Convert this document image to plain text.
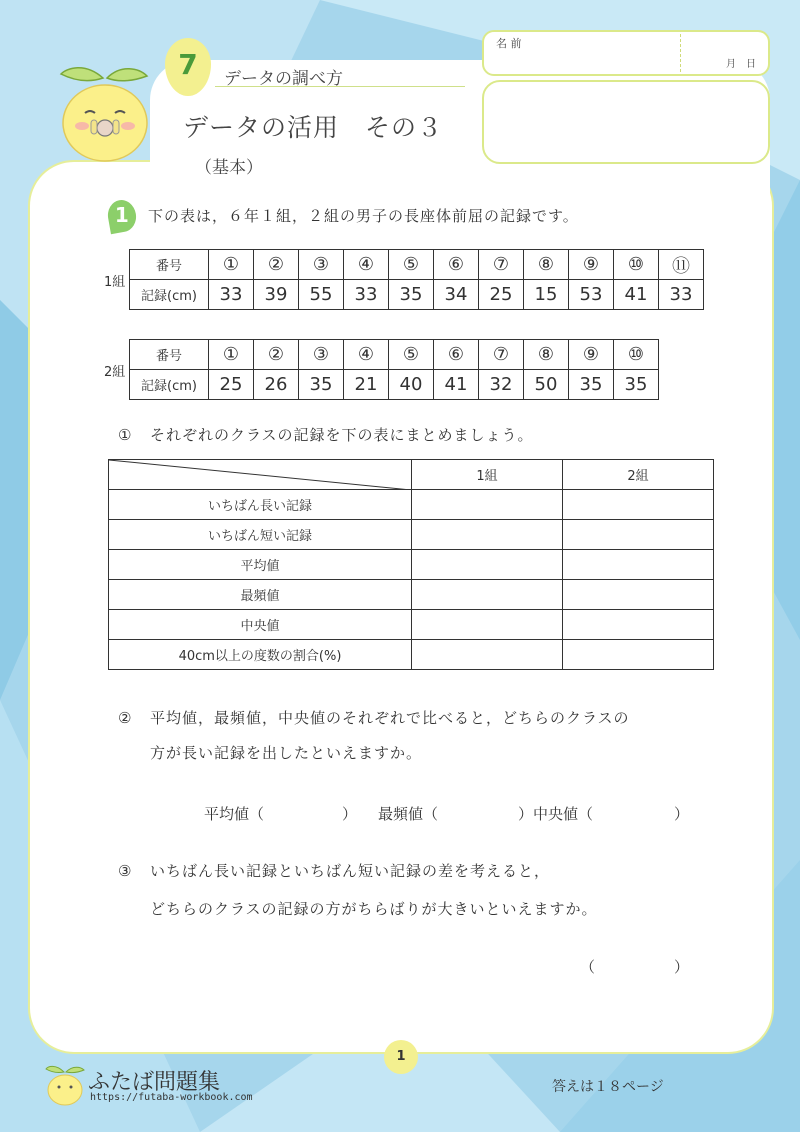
7	データの調べ方
データの活用　その３
（基本）
名 前
月　日
1	下の表は，６年１組，２組の男子の長座体前屈の記録です。
1組
番号	①	②	③	④	⑤	⑥	⑦	⑧	⑨	⑩	⑪
記録(cm)	33	39	55	33	35	34	25	15	53	41	33
2組
番号	①	②	③	④	⑤	⑥	⑦	⑧	⑨	⑩
記録(cm)	25	26	35	21	40	41	32	50	35	35
① それぞれのクラスの記録を下の表にまとめましょう。
	1組	2組
いちばん長い記録		
いちばん短い記録		
平均値		
最頻値		
中央値		
40cm以上の度数の割合(%)		
② 平均値，最頻値，中央値のそれぞれで比べると，どちらのクラスの
方が長い記録を出したといえますか。
平均値（	） 最頻値（	）中央値（	）
③ いちばん長い記録といちばん短い記録の差を考えると，
どちらのクラスの記録の方がちらばりが大きいといえますか。
（	）
1
ふたば問題集
https://futaba-workbook.com
答えは１８ページ
